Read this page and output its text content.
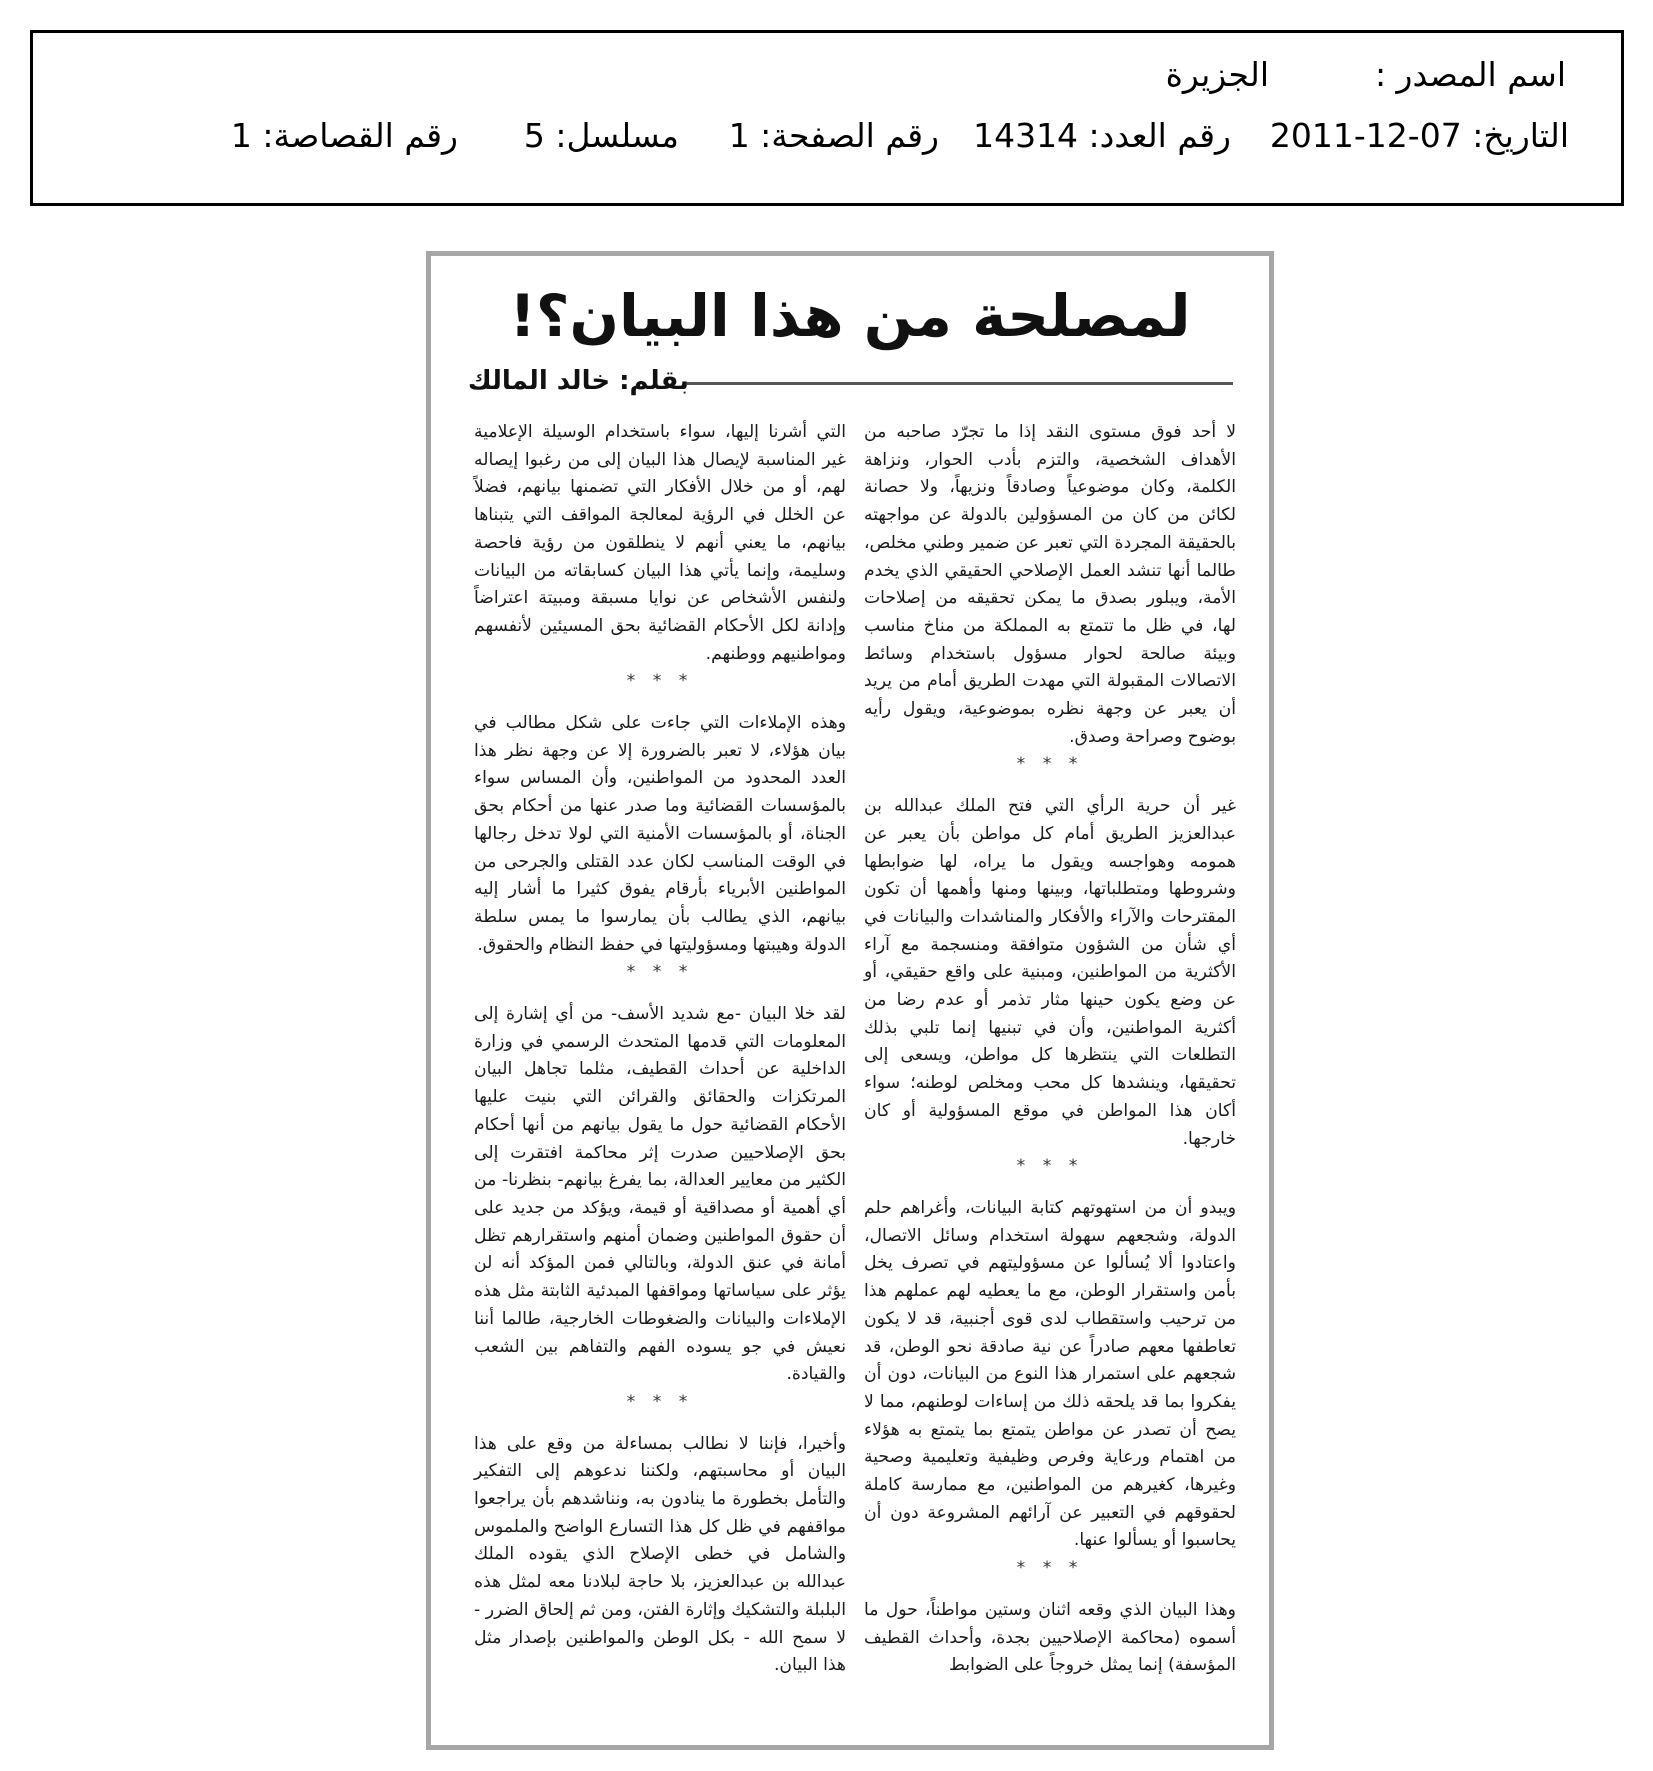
اسم المصدر :
الجزيرة
التاريخ: 07-12-2011
رقم العدد: 14314
رقم الصفحة: 1
مسلسل: 5
رقم القصاصة: 1
لمصلحة من هذا البيان؟!
بقلم: خالد المالك

لا أحد فوق مستوى النقد إذا ما تجرّد صاحبه من الأهداف الشخصية، والتزم بأدب الحوار، ونزاهة الكلمة، وكان موضوعياً وصادقاً ونزيهاً، ولا حصانة لكائن من كان من المسؤولين بالدولة عن مواجهته بالحقيقة المجردة التي تعبر عن ضمير وطني مخلص، طالما أنها تنشد العمل الإصلاحي الحقيقي الذي يخدم الأمة، ويبلور بصدق ما يمكن تحقيقه من إصلاحات لها، في ظل ما تتمتع به المملكة من مناخ مناسب وبيئة صالحة لحوار مسؤول باستخدام وسائط الاتصالات المقبولة التي مهدت الطريق أمام من يريد أن يعبر عن وجهة نظره بموضوعية، ويقول رأيه بوضوح وصراحة وصدق.

* * *

غير أن حرية الرأي التي فتح الملك عبدالله بن عبدالعزيز الطريق أمام كل مواطن بأن يعبر عن همومه وهواجسه ويقول ما يراه، لها ضوابطها وشروطها ومتطلباتها، وبينها ومنها وأهمها أن تكون المقترحات والآراء والأفكار والمناشدات والبيانات في أي شأن من الشؤون متوافقة ومنسجمة مع آراء الأكثرية من المواطنين، ومبنية على واقع حقيقي، أو عن وضع يكون حينها مثار تذمر أو عدم رضا من أكثرية المواطنين، وأن في تبنيها إنما تلبي بذلك التطلعات التي ينتظرها كل مواطن، ويسعى إلى تحقيقها، وينشدها كل محب ومخلص لوطنه؛ سواء أكان هذا المواطن في موقع المسؤولية أو كان خارجها.

* * *

ويبدو أن من استهوتهم كتابة البيانات، وأغراهم حلم الدولة، وشجعهم سهولة استخدام وسائل الاتصال، واعتادوا ألا يُسألوا عن مسؤوليتهم في تصرف يخل بأمن واستقرار الوطن، مع ما يعطيه لهم عملهم هذا من ترحيب واستقطاب لدى قوى أجنبية، قد لا يكون تعاطفها معهم صادراً عن نية صادقة نحو الوطن، قد شجعهم على استمرار هذا النوع من البيانات، دون أن يفكروا بما قد يلحقه ذلك من إساءات لوطنهم، مما لا يصح أن تصدر عن مواطن يتمتع بما يتمتع به هؤلاء من اهتمام ورعاية وفرص وظيفية وتعليمية وصحية وغيرها، كغيرهم من المواطنين، مع ممارسة كاملة لحقوقهم في التعبير عن آرائهم المشروعة دون أن يحاسبوا أو يسألوا عنها.

* * *

وهذا البيان الذي وقعه اثنان وستين مواطناً، حول ما أسموه (محاكمة الإصلاحيين بجدة، وأحداث القطيف المؤسفة) إنما يمثل خروجاً على الضوابط

التي أشرنا إليها، سواء باستخدام الوسيلة الإعلامية غير المناسبة لإيصال هذا البيان إلى من رغبوا إيصاله لهم، أو من خلال الأفكار التي تضمنها بيانهم، فضلاً عن الخلل في الرؤية لمعالجة المواقف التي يتبناها بيانهم، ما يعني أنهم لا ينطلقون من رؤية فاحصة وسليمة، وإنما يأتي هذا البيان كسابقاته من البيانات ولنفس الأشخاص عن نوايا مسبقة ومبيتة اعتراضاً وإدانة لكل الأحكام القضائية بحق المسيئين لأنفسهم ومواطنيهم ووطنهم.

* * *

وهذه الإملاءات التي جاءت على شكل مطالب في بيان هؤلاء، لا تعبر بالضرورة إلا عن وجهة نظر هذا العدد المحدود من المواطنين، وأن المساس سواء بالمؤسسات القضائية وما صدر عنها من أحكام بحق الجناة، أو بالمؤسسات الأمنية التي لولا تدخل رجالها في الوقت المناسب لكان عدد القتلى والجرحى من المواطنين الأبرياء بأرقام يفوق كثيرا ما أشار إليه بيانهم، الذي يطالب بأن يمارسوا ما يمس سلطة الدولة وهيبتها ومسؤوليتها في حفظ النظام والحقوق.

* * *

لقد خلا البيان -مع شديد الأسف- من أي إشارة إلى المعلومات التي قدمها المتحدث الرسمي في وزارة الداخلية عن أحداث القطيف، مثلما تجاهل البيان المرتكزات والحقائق والقرائن التي بنيت عليها الأحكام القضائية حول ما يقول بيانهم من أنها أحكام بحق الإصلاحيين صدرت إثر محاكمة افتقرت إلى الكثير من معايير العدالة، بما يفرغ بيانهم- بنظرنا- من أي أهمية أو مصداقية أو قيمة، ويؤكد من جديد على أن حقوق المواطنين وضمان أمنهم واستقرارهم تظل أمانة في عنق الدولة، وبالتالي فمن المؤكد أنه لن يؤثر على سياساتها ومواقفها المبدئية الثابتة مثل هذه الإملاءات والبيانات والضغوطات الخارجية، طالما أننا نعيش في جو يسوده الفهم والتفاهم بين الشعب والقيادة.

* * *

وأخيرا، فإننا لا نطالب بمساءلة من وقع على هذا البيان أو محاسبتهم، ولكننا ندعوهم إلى التفكير والتأمل بخطورة ما ينادون به، ونناشدهم بأن يراجعوا مواقفهم في ظل كل هذا التسارع الواضح والملموس والشامل في خطى الإصلاح الذي يقوده الملك عبدالله بن عبدالعزيز، بلا حاجة لبلادنا معه لمثل هذه البلبلة والتشكيك وإثارة الفتن، ومن ثم إلحاق الضرر - لا سمح الله - بكل الوطن والمواطنين بإصدار مثل هذا البيان.
